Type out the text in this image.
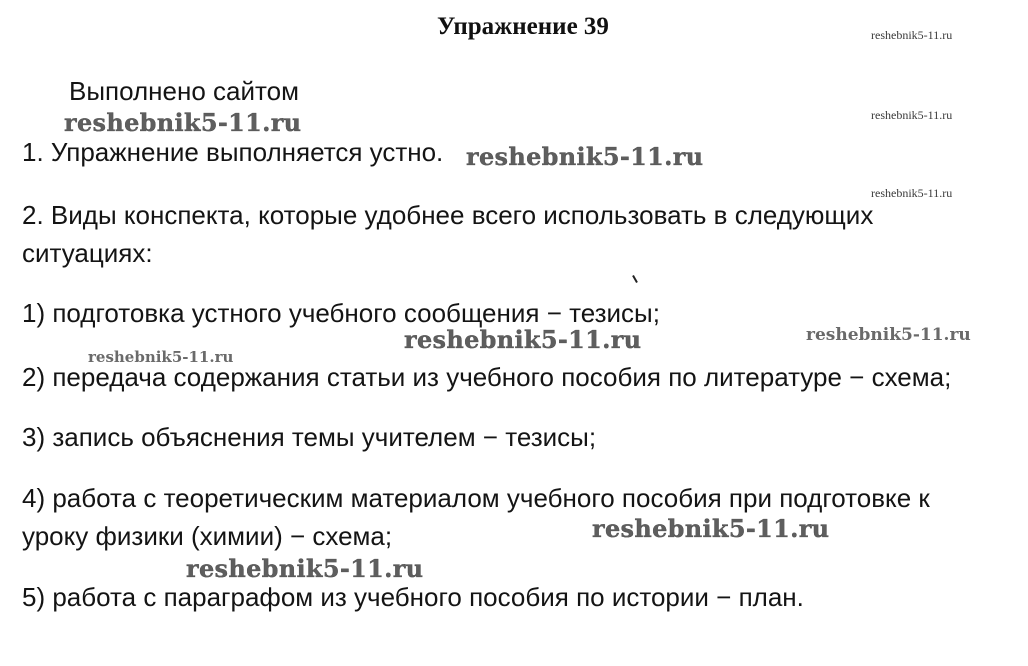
Упражнение 39
Выполнено сайтом
1. Упражнение выполняется устно.
2. Виды конспекта, которые удобнее всего использовать в следующих
ситуациях:
1) подготовка устного учебного сообщения − тезисы;
2) передача содержания статьи из учебного пособия по литературе − схема;
3) запись объяснения темы учителем − тезисы;
4) работа с теоретическим материалом учебного пособия при подготовке к
уроку физики (химии) − схема;
5) работа с параграфом из учебного пособия по истории − план.
reshebnik5-11.ru
reshebnik5-11.ru
reshebnik5-11.ru
reshebnik5-11.ru
reshebnik5-11.ru
reshebnik5-11.ru	reshebnik5-11.ru
reshebnik5-11.ru
reshebnik5-11.ru
reshebnik5-11.ru
